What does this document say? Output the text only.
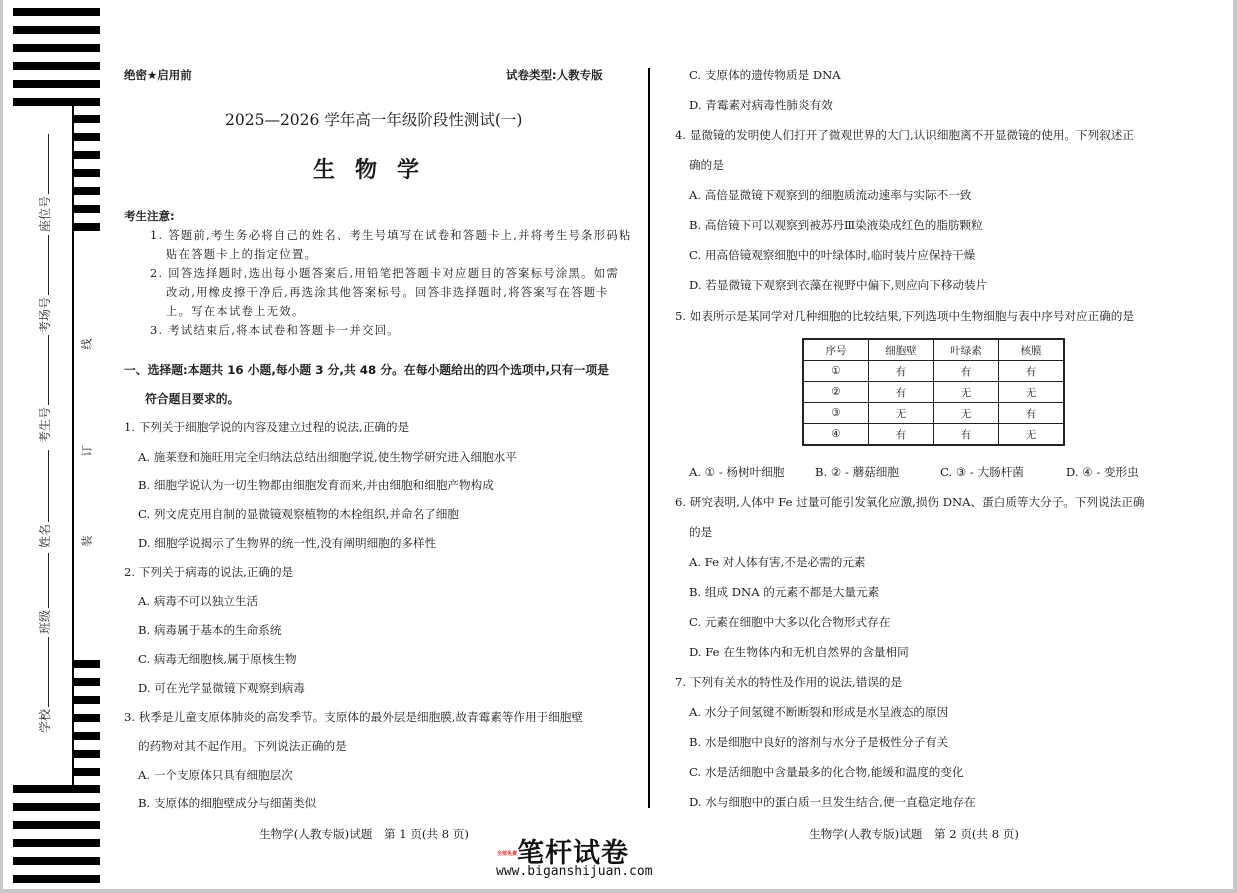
座位号
考场号
考生号
姓名
班级
学校
线
订
装
绝密★启用前	试卷类型:人教专版
2025—2026 学年高一年级阶段性测试(一)
生物学
考生注意:
1. 答题前,考生务必将自己的姓名、考生号填写在试卷和答题卡上,并将考生号条形码粘
贴在答题卡上的指定位置。
2. 回答选择题时,选出每小题答案后,用铅笔把答题卡对应题目的答案标号涂黑。如需
改动,用橡皮擦干净后,再选涂其他答案标号。回答非选择题时,将答案写在答题卡
上。写在本试卷上无效。
3. 考试结束后,将本试卷和答题卡一并交回。
一、选择题:本题共 16 小题,每小题 3 分,共 48 分。在每小题给出的四个选项中,只有一项是
符合题目要求的。
1. 下列关于细胞学说的内容及建立过程的说法,正确的是
A. 施莱登和施旺用完全归纳法总结出细胞学说,使生物学研究进入细胞水平
B. 细胞学说认为一切生物都由细胞发育而来,并由细胞和细胞产物构成
C. 列文虎克用自制的显微镜观察植物的木栓组织,并命名了细胞
D. 细胞学说揭示了生物界的统一性,没有阐明细胞的多样性
2. 下列关于病毒的说法,正确的是
A. 病毒不可以独立生活
B. 病毒属于基本的生命系统
C. 病毒无细胞核,属于原核生物
D. 可在光学显微镜下观察到病毒
3. 秋季是儿童支原体肺炎的高发季节。支原体的最外层是细胞膜,故青霉素等作用于细胞壁
的药物对其不起作用。下列说法正确的是
A. 一个支原体只具有细胞层次
B. 支原体的细胞壁成分与细菌类似
生物学(人教专版)试题　第 1 页(共 8 页)
C. 支原体的遗传物质是 DNA
D. 青霉素对病毒性肺炎有效
4. 显微镜的发明使人们打开了微观世界的大门,认识细胞离不开显微镜的使用。下列叙述正
确的是
A. 高倍显微镜下观察到的细胞质流动速率与实际不一致
B. 高倍镜下可以观察到被苏丹Ⅲ染液染成红色的脂肪颗粒
C. 用高倍镜观察细胞中的叶绿体时,临时装片应保持干燥
D. 若显微镜下观察到衣藻在视野中偏下,则应向下移动装片
5. 如表所示是某同学对几种细胞的比较结果,下列选项中生物细胞与表中序号对应正确的是
序号	细胞壁	叶绿素	核膜
①	有	有	有
②	有	无	无
③	无	无	有
④	有	有	无
A. ① - 杨树叶细胞	B. ② - 蘑菇细胞	C. ③ - 大肠杆菌	D. ④ - 变形虫
6. 研究表明,人体中 Fe 过量可能引发氧化应激,损伤 DNA、蛋白质等大分子。下列说法正确
的是
A. Fe 对人体有害,不是必需的元素
B. 组成 DNA 的元素不都是大量元素
C. 元素在细胞中大多以化合物形式存在
D. Fe 在生物体内和无机自然界的含量相同
7. 下列有关水的特性及作用的说法,错误的是
A. 水分子间氢键不断断裂和形成是水呈液态的原因
B. 水是细胞中良好的溶剂与水分子是极性分子有关
C. 水是活细胞中含量最多的化合物,能缓和温度的变化
D. 水与细胞中的蛋白质一旦发生结合,便一直稳定地存在
生物学(人教专版)试题　第 2 页(共 8 页)
全部免费 笔杆试卷
www.biganshijuan.com
